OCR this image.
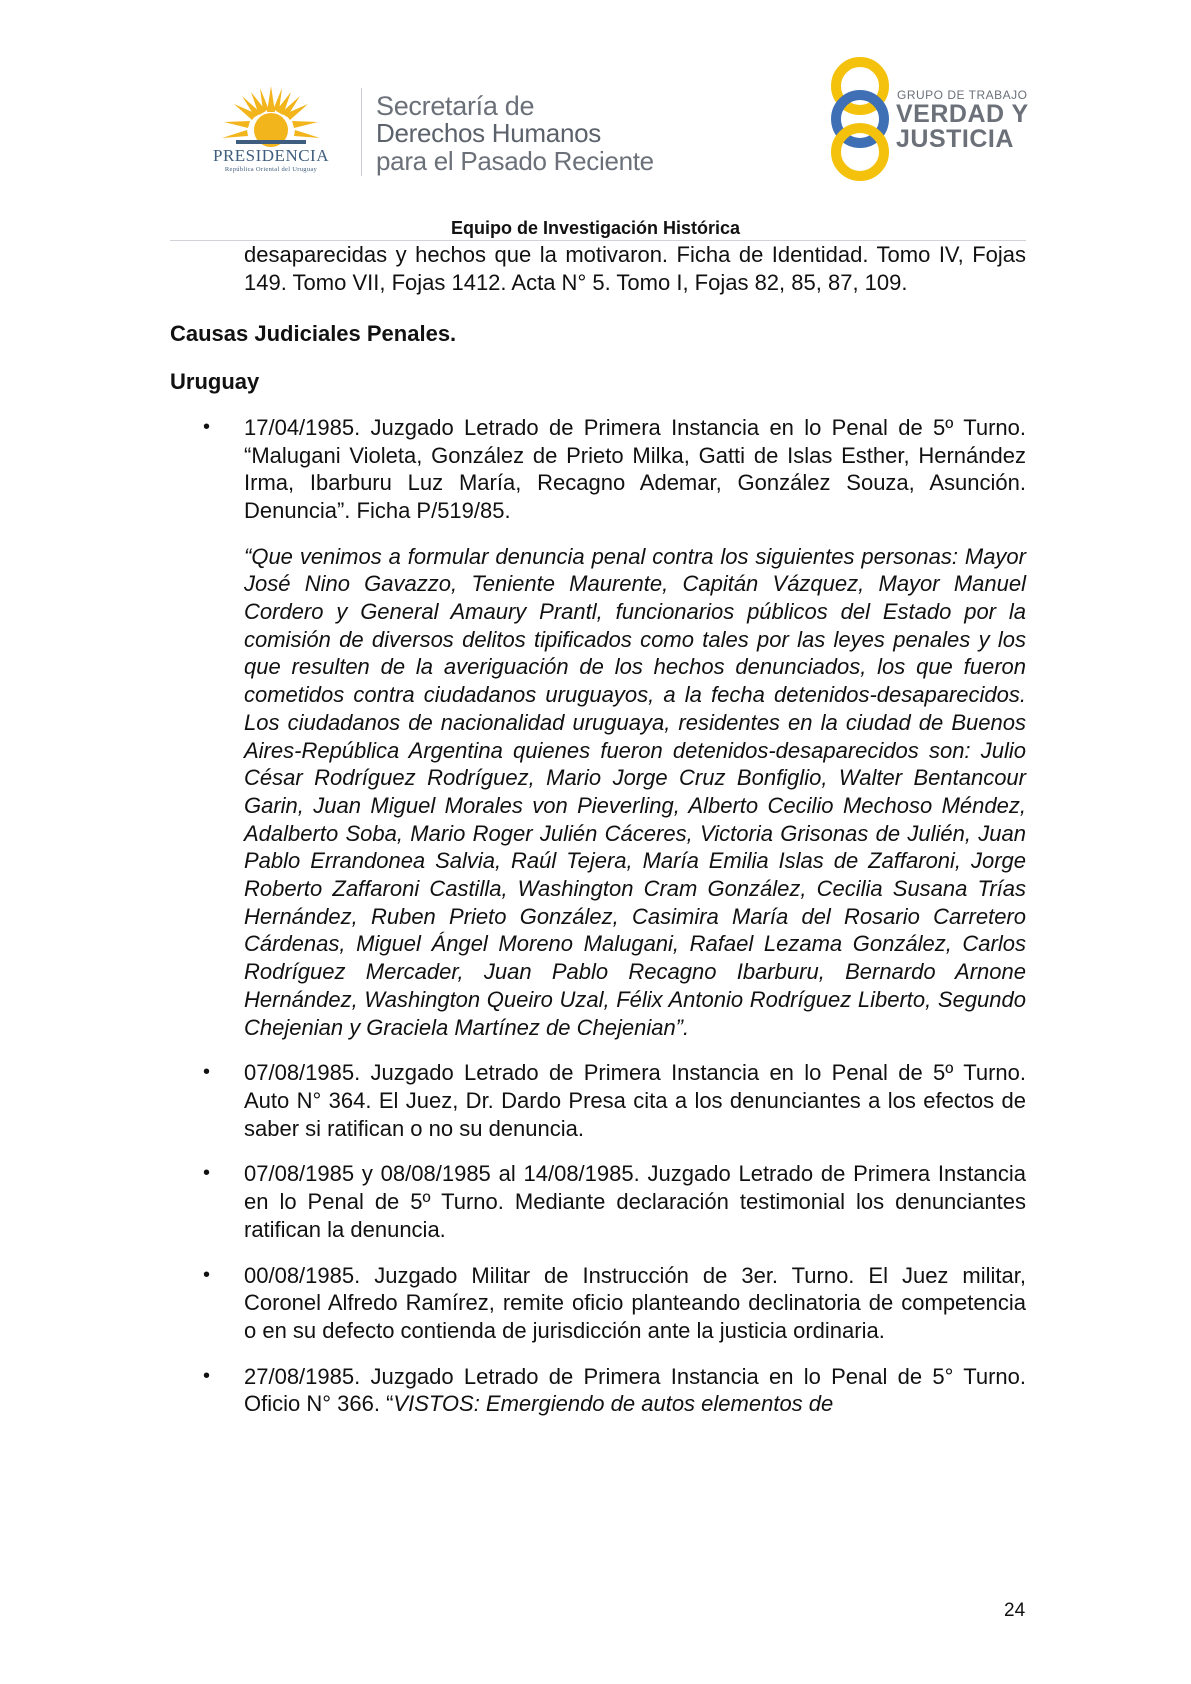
PRESIDENCIA
República Oriental del Uruguay
Secretaría de
Derechos Humanos
para el Pasado Reciente
GRUPO DE TRABAJO
VERDAD Y
JUSTICIA
Equipo de Investigación Histórica

desaparecidas y hechos que la motivaron. Ficha de Identidad. Tomo IV, Fojas 149. Tomo VII, Fojas 1412. Acta N° 5. Tomo I, Fojas 82, 85, 87, 109.

Causas Judiciales Penales.

Uruguay

• 17/04/1985. Juzgado Letrado de Primera Instancia en lo Penal de 5º Turno. “Malugani Violeta, González de Prieto Milka, Gatti de Islas Esther, Hernández Irma, Ibarburu Luz María, Recagno Ademar, González Souza, Asunción. Denuncia”. Ficha P/519/85.

“Que venimos a formular denuncia penal contra los siguientes personas: Mayor José Nino Gavazzo, Teniente Maurente, Capitán Vázquez, Mayor Manuel Cordero y General Amaury Prantl, funcionarios públicos del Estado por la comisión de diversos delitos tipificados como tales por las leyes penales y los que resulten de la averiguación de los hechos denunciados, los que fueron cometidos contra ciudadanos uruguayos, a la fecha detenidos-desaparecidos. Los ciudadanos de nacionalidad uruguaya, residentes en la ciudad de Buenos Aires-República Argentina quienes fueron detenidos-desaparecidos son: Julio César Rodríguez Rodríguez, Mario Jorge Cruz Bonfiglio, Walter Bentancour Garin, Juan Miguel Morales von Pieverling, Alberto Cecilio Mechoso Méndez, Adalberto Soba, Mario Roger Julién Cáceres, Victoria Grisonas de Julién, Juan Pablo Errandonea Salvia, Raúl Tejera, María Emilia Islas de Zaffaroni, Jorge Roberto Zaffaroni Castilla, Washington Cram González, Cecilia Susana Trías Hernández, Ruben Prieto González, Casimira María del Rosario Carretero Cárdenas, Miguel Ángel Moreno Malugani, Rafael Lezama González, Carlos Rodríguez Mercader, Juan Pablo Recagno Ibarburu, Bernardo Arnone Hernández, Washington Queiro Uzal, Félix Antonio Rodríguez Liberto, Segundo Chejenian y Graciela Martínez de Chejenian”.

• 07/08/1985. Juzgado Letrado de Primera Instancia en lo Penal de 5º Turno. Auto N° 364. El Juez, Dr. Dardo Presa cita a los denunciantes a los efectos de saber si ratifican o no su denuncia.
• 07/08/1985 y 08/08/1985 al 14/08/1985. Juzgado Letrado de Primera Instancia en lo Penal de 5º Turno. Mediante declaración testimonial los denunciantes ratifican la denuncia.
• 00/08/1985. Juzgado Militar de Instrucción de 3er. Turno. El Juez militar, Coronel Alfredo Ramírez, remite oficio planteando declinatoria de competencia o en su defecto contienda de jurisdicción ante la justicia ordinaria.
• 27/08/1985. Juzgado Letrado de Primera Instancia en lo Penal de 5° Turno. Oficio N° 366. “VISTOS: Emergiendo de autos elementos de
24
